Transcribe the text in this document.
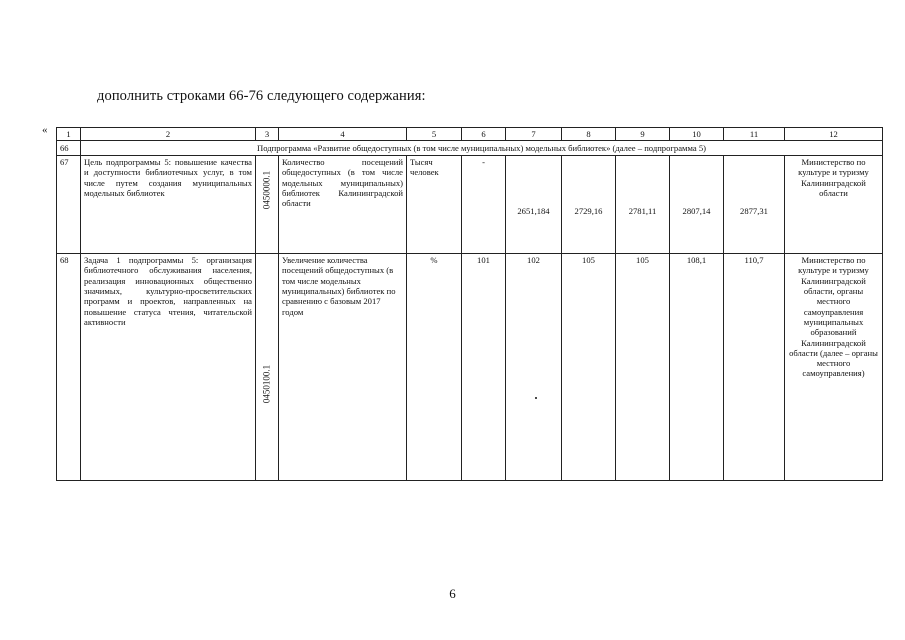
дополнить строками 66-76 следующего содержания:
« 1	2	3	4	5	6	7	8	9	10	11	12
66	Подпрограмма «Развитие общедоступных (в том числе муниципальных) модельных библиотек» (далее – подпрограмма 5)										
67	Цель подпрограммы 5: повышение качества и доступности библиотечных услуг, в том числе путем создания муниципальных модельных библиотек	0450000.1	Количество посещений общедоступных (в том числе модельных муниципальных) библиотек Калининградской области	Тысяч человек	-	2651,184	2729,16	2781,11	2807,14	2877,31	Министерство по культуре и туризму Калининградской области
68	Задача 1 подпрограммы 5: организация библиотечного обслуживания населения, реализация инновационных общественно значимых, культурно-просветительских программ и проектов, направленных на повышение статуса чтения, читательской активности	0450100.1	Увеличение количества посещений общедоступных (в том числе модельных муниципальных) библиотек по сравнению с базовым 2017 годом	%	101	102	105	105	108,1	110,7	Министерство по культуре и туризму Калининградской области, органы местного самоуправления муниципальных образований Калининградской области (далее – органы местного самоуправления)
6
